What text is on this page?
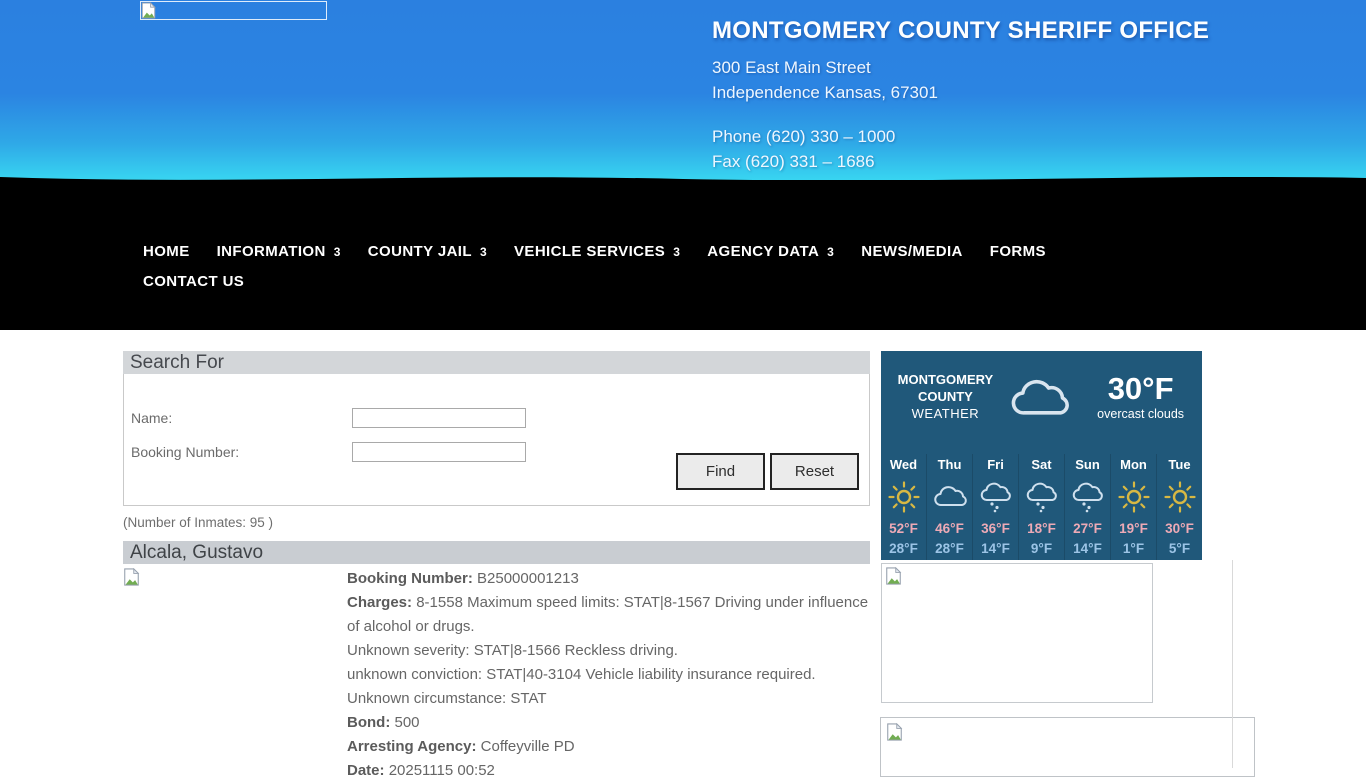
MONTGOMERY COUNTY SHERIFF OFFICE
300 East Main Street
Independence Kansas, 67301
Phone (620) 330 – 1000
Fax (620) 331 – 1686
HOME INFORMATION 3 COUNTY JAIL 3 VEHICLE SERVICES 3 AGENCY DATA 3 NEWS/MEDIA FORMS
CONTACT US
Search For
Name:
Booking Number:
Find	Reset
(Number of Inmates: 95 )
Alcala, Gustavo
Booking Number: B25000001213
Charges: 8-1558 Maximum speed limits: STAT|8-1567 Driving under influence of alcohol or drugs.
Unknown severity: STAT|8-1566 Reckless driving.
unknown conviction: STAT|40-3104 Vehicle liability insurance required.
Unknown circumstance: STAT
Bond: 500
Arresting Agency: Coffeyville PD
Date: 20251115 00:52
MONTGOMERY
COUNTY
WEATHER
30°F
overcast clouds
Wed
52°F
28°F
Thu
46°F
28°F
Fri
36°F
14°F
Sat
18°F
9°F
Sun
27°F
14°F
Mon
19°F
1°F
Tue
30°F
5°F
